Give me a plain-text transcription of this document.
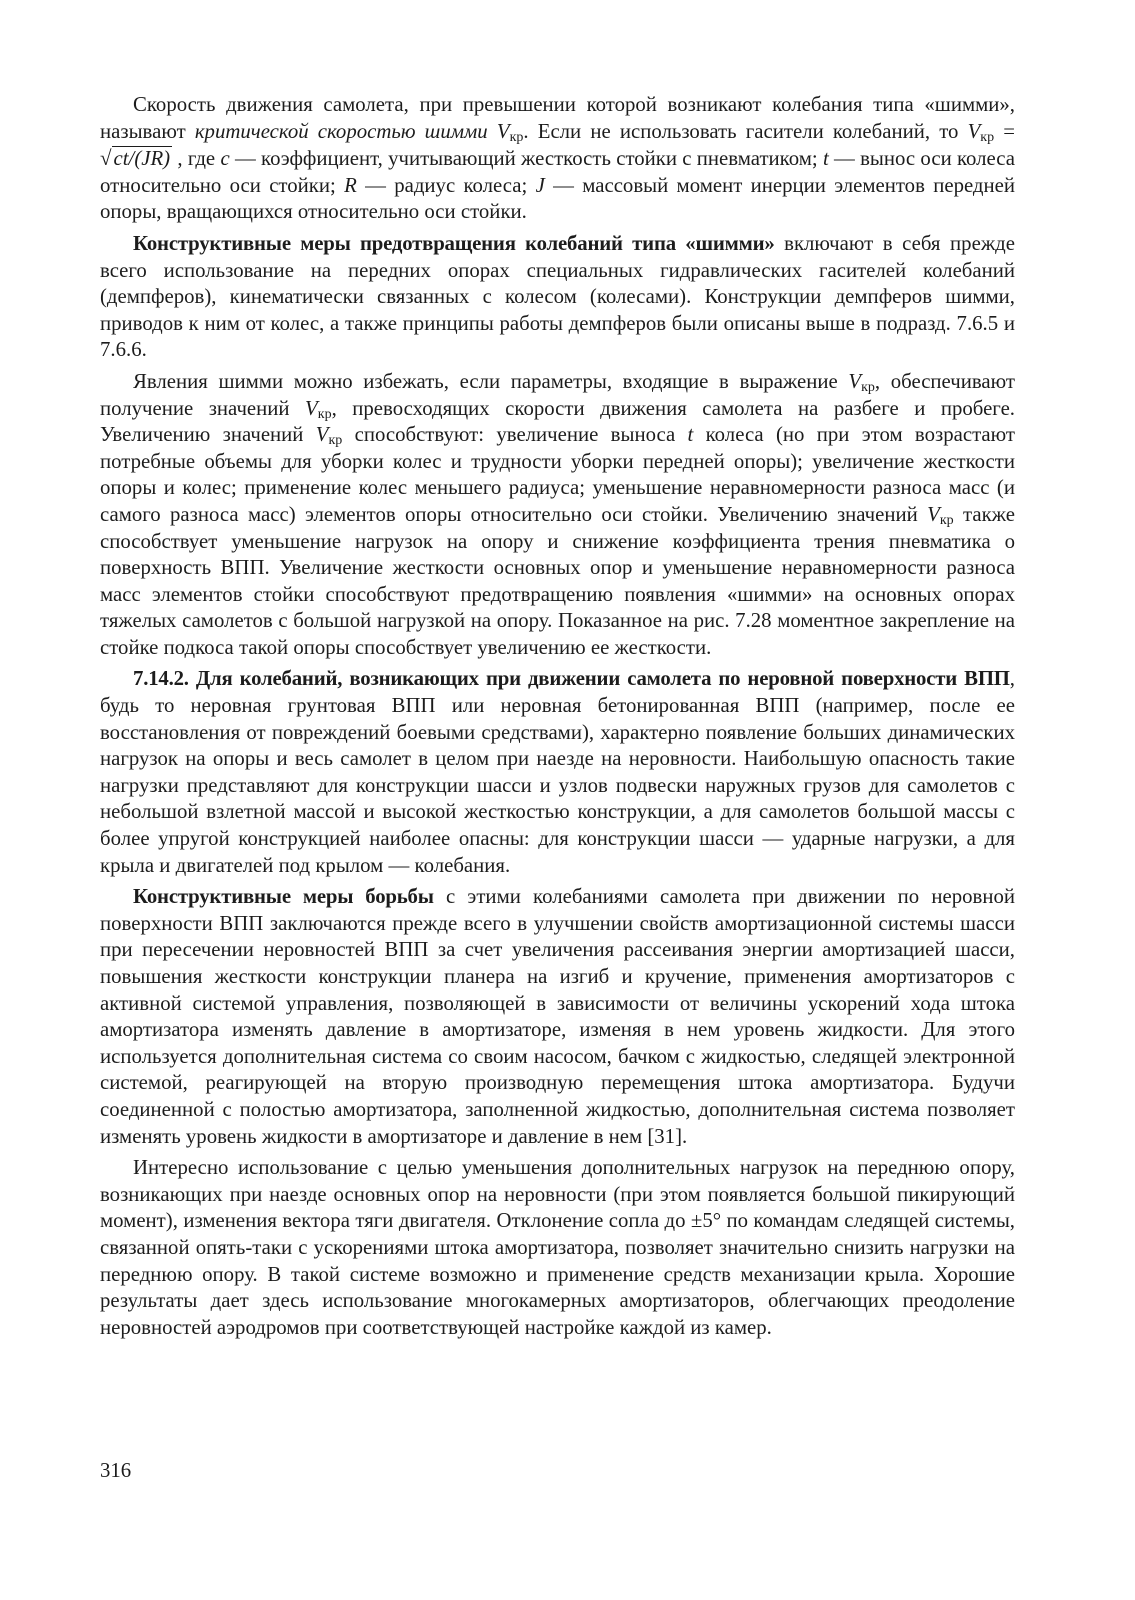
Скорость движения самолета, при превышении которой возникают колебания типа «шимми», называют критической скоростью шимми $V_{кр}$. Если не использовать гасители колебаний, то $V_{кр} = √ct/(JR)$ , где c — коэффициент, учитывающий жесткость стойки с пневматиком; t — вынос оси колеса относительно оси стойки; R — радиус колеса; J — массовый момент инерции элементов передней опоры, вращающихся относительно оси стойки.

Конструктивные меры предотвращения колебаний типа «шимми» включают в себя прежде всего использование на передних опорах специальных гидравлических гасителей колебаний (демпферов), кинематически связанных с колесом (колесами). Конструкции демпферов шимми, приводов к ним от колес, а также принципы работы демпферов были описаны выше в подразд. 7.6.5 и 7.6.6.

Явления шимми можно избежать, если параметры, входящие в выражение $V_{кр}$, обеспечивают получение значений $V_{кр}$, превосходящих скорости движения самолета на разбеге и пробеге. Увеличению значений $V_{кр}$ способствуют: увеличение выноса t колеса (но при этом возрастают потребные объемы для уборки колес и трудности уборки передней опоры); увеличение жесткости опоры и колес; применение колес меньшего радиуса; уменьшение неравномерности разноса масс (и самого разноса масс) элементов опоры относительно оси стойки. Увеличению значений $V_{кр}$ также способствует уменьшение нагрузок на опору и снижение коэффициента трения пневматика о поверхность ВПП. Увеличение жесткости основных опор и уменьшение неравномерности разноса масс элементов стойки способствуют предотвращению появления «шимми» на основных опорах тяжелых самолетов с большой нагрузкой на опору. Показанное на рис. 7.28 моментное закрепление на стойке подкоса такой опоры способствует увеличению ее жесткости.

7.14.2. Для колебаний, возникающих при движении самолета по неровной поверхности ВПП, будь то неровная грунтовая ВПП или неровная бетонированная ВПП (например, после ее восстановления от повреждений боевыми средствами), характерно появление больших динамических нагрузок на опоры и весь самолет в целом при наезде на неровности. Наибольшую опасность такие нагрузки представляют для конструкции шасси и узлов подвески наружных грузов для самолетов с небольшой взлетной массой и высокой жесткостью конструкции, а для самолетов большой массы с более упругой конструкцией наиболее опасны: для конструкции шасси — ударные нагрузки, а для крыла и двигателей под крылом — колебания.

Конструктивные меры борьбы с этими колебаниями самолета при движении по неровной поверхности ВПП заключаются прежде всего в улучшении свойств амортизационной системы шасси при пересечении неровностей ВПП за счет увеличения рассеивания энергии амортизацией шасси, повышения жесткости конструкции планера на изгиб и кручение, применения амортизаторов с активной системой управления, позволяющей в зависимости от величины ускорений хода штока амортизатора изменять давление в амортизаторе, изменяя в нем уровень жидкости. Для этого используется дополнительная система со своим насосом, бачком с жидкостью, следящей электронной системой, реагирующей на вторую производную перемещения штока амортизатора. Будучи соединенной с полостью амортизатора, заполненной жидкостью, дополнительная система позволяет изменять уровень жидкости в амортизаторе и давление в нем [31].

Интересно использование с целью уменьшения дополнительных нагрузок на переднюю опору, возникающих при наезде основных опор на неровности (при этом появляется большой пикирующий момент), изменения вектора тяги двигателя. Отклонение сопла до ±5° по командам следящей системы, связанной опять-таки с ускорениями штока амортизатора, позволяет значительно снизить нагрузки на переднюю опору. В такой системе возможно и применение средств механизации крыла. Хорошие результаты дает здесь использование многокамерных амортизаторов, облегчающих преодоление неровностей аэродромов при соответствующей настройке каждой из камер.

316
